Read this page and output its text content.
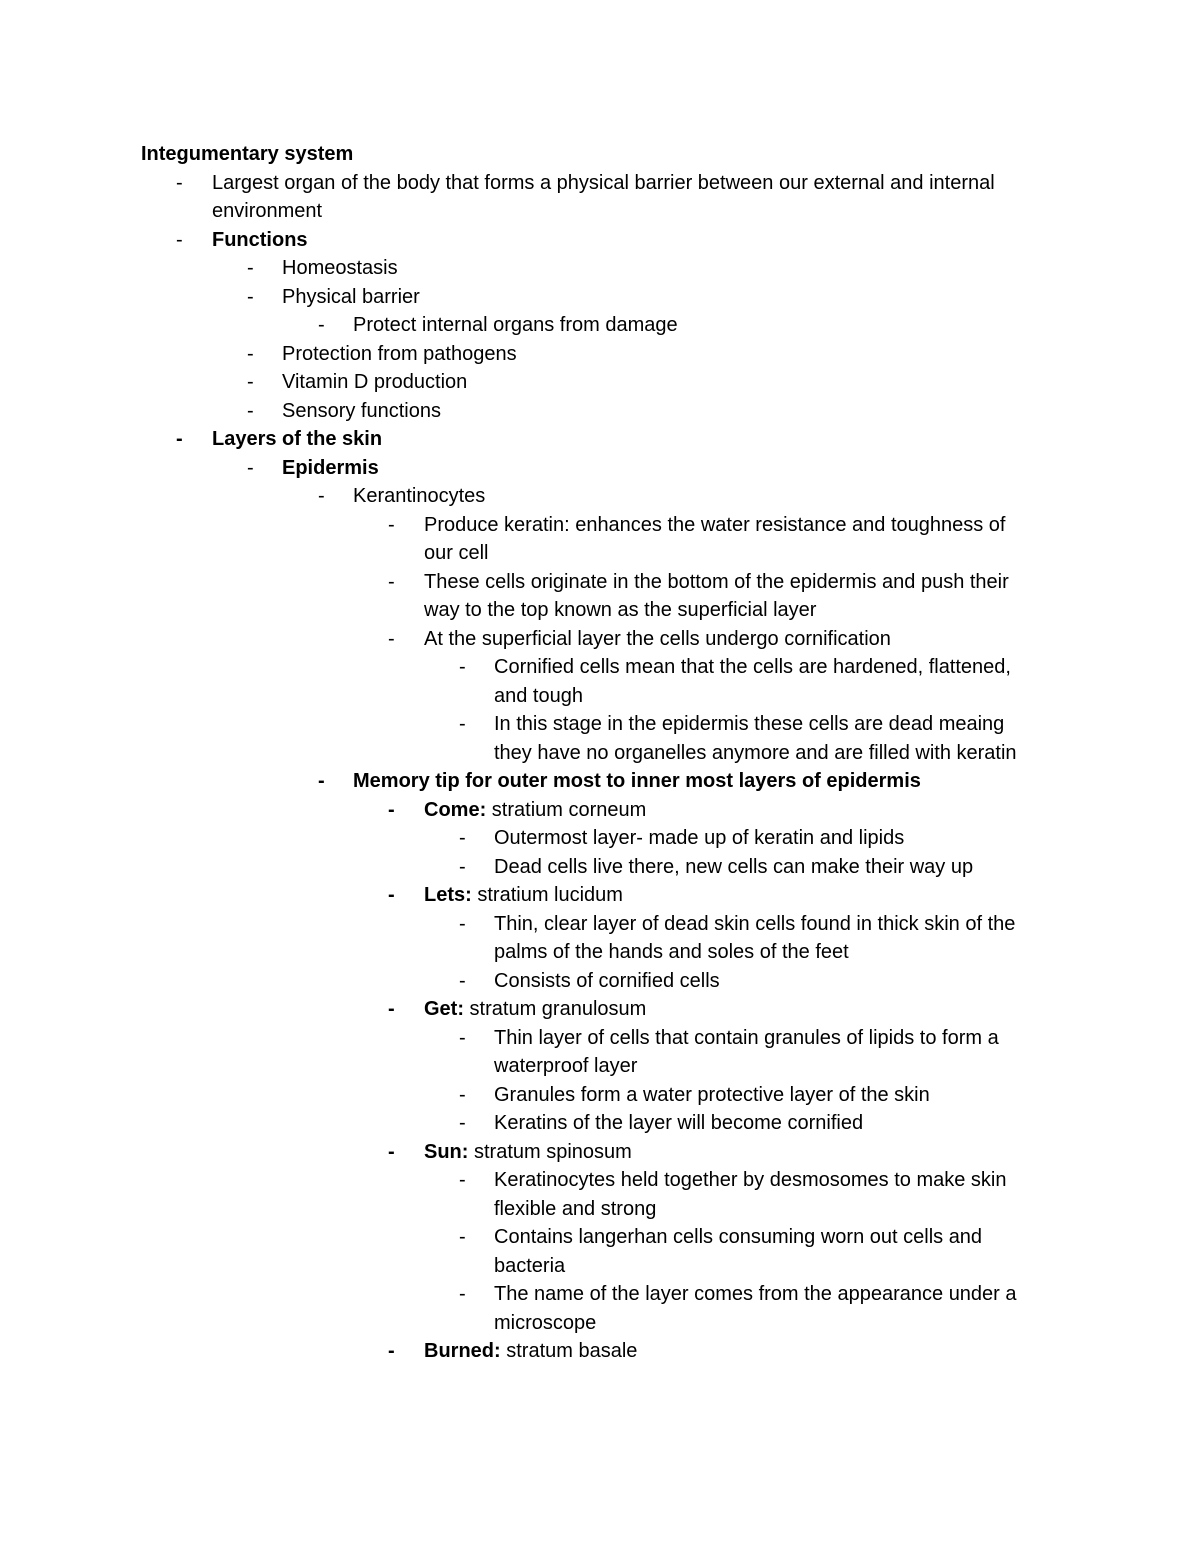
Integumentary system
- Largest organ of the body that forms a physical barrier between our external and internal
environment
- Functions
- Homeostasis
- Physical barrier
- Protect internal organs from damage
- Protection from pathogens
- Vitamin D production
- Sensory functions
- Layers of the skin
- Epidermis
- Kerantinocytes
- Produce keratin: enhances the water resistance and toughness of
our cell
- These cells originate in the bottom of the epidermis and push their
way to the top known as the superficial layer
- At the superficial layer the cells undergo cornification
- Cornified cells mean that the cells are hardened, flattened,
and tough
- In this stage in the epidermis these cells are dead meaing
they have no organelles anymore and are filled with keratin
- Memory tip for outer most to inner most layers of epidermis
- Come: stratium corneum
- Outermost layer- made up of keratin and lipids
- Dead cells live there, new cells can make their way up
- Lets: stratium lucidum
- Thin, clear layer of dead skin cells found in thick skin of the
palms of the hands and soles of the feet
- Consists of cornified cells
- Get: stratum granulosum
- Thin layer of cells that contain granules of lipids to form a
waterproof layer
- Granules form a water protective layer of the skin
- Keratins of the layer will become cornified
- Sun: stratum spinosum
- Keratinocytes held together by desmosomes to make skin
flexible and strong
- Contains langerhan cells consuming worn out cells and
bacteria
- The name of the layer comes from the appearance under a
microscope
- Burned: stratum basale
